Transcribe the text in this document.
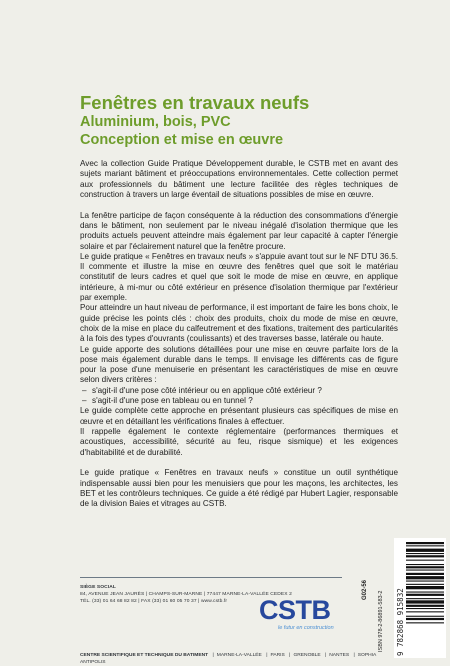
Fenêtres en travaux neufs
Aluminium, bois, PVC
Conception et mise en œuvre

Avec la collection Guide Pratique Développement durable, le CSTB met en avant des sujets mariant bâtiment et préoccupations environnementales. Cette collection permet aux professionnels du bâtiment une lecture facilitée des règles techniques de construction à travers un large éventail de situations possibles de mise en œuvre.

La fenêtre participe de façon conséquente à la réduction des consommations d'énergie dans le bâtiment, non seulement par le niveau inégalé d'isolation thermique que les produits actuels peuvent atteindre mais également par leur capacité à capter l'énergie solaire et par l'éclairement naturel que la fenêtre procure.

Le guide pratique « Fenêtres en travaux neufs » s'appuie avant tout sur le NF DTU 36.5. Il commente et illustre la mise en œuvre des fenêtres quel que soit le matériau constitutif de leurs cadres et quel que soit le mode de mise en œuvre, en applique intérieure, à mi-mur ou côté extérieur en présence d'isolation thermique par l'extérieur par exemple.

Pour atteindre un haut niveau de performance, il est important de faire les bons choix, le guide précise les points clés : choix des produits, choix du mode de mise en œuvre, choix de la mise en place du calfeutrement et des fixations, traitement des particularités à la fois des types d'ouvrants (coulissants) et des traverses basse, latérale ou haute.

Le guide apporte des solutions détaillées pour une mise en œuvre parfaite lors de la pose mais également durable dans le temps. Il envisage les différents cas de figure pour la pose d'une menuiserie en présentant les caractéristiques de mise en œuvre selon divers critères :

– s'agit-il d'une pose côté intérieur ou en applique côté extérieur ?
– s'agit-il d'une pose en tableau ou en tunnel ?

Le guide complète cette approche en présentant plusieurs cas spécifiques de mise en œuvre et en détaillant les vérifications finales à effectuer.

Il rappelle également le contexte réglementaire (performances thermiques et acoustiques, accessibilité, sécurité au feu, risque sismique) et les exigences d'habitabilité et de durabilité.

Le guide pratique « Fenêtres en travaux neufs » constitue un outil synthétique indispensable aussi bien pour les menuisiers que pour les maçons, les architectes, les BET et les contrôleurs techniques. Ce guide a été rédigé par Hubert Lagier, responsable de la division Baies et vitrages au CSTB.

SIÈGE SOCIAL
84, AVENUE JEAN JAURÈS | CHAMPS-SUR-MARNE | 77447 MARNE-LA-VALLÉE CEDEX 2
TÉL. (33) 01 64 68 82 82 | FAX (33) 01 60 05 70 37 | www.cstb.fr	CSTB
le futur en construction
CENTRE SCIENTIFIQUE ET TECHNIQUE DU BATIMENT | MARNE-LA-VALLÉE | PARIS | GRENOBLE | NANTES | SOPHIA ANTIPOLIS
G02-56
ISBN 978-2-86891-583-2 9 782868 915832
